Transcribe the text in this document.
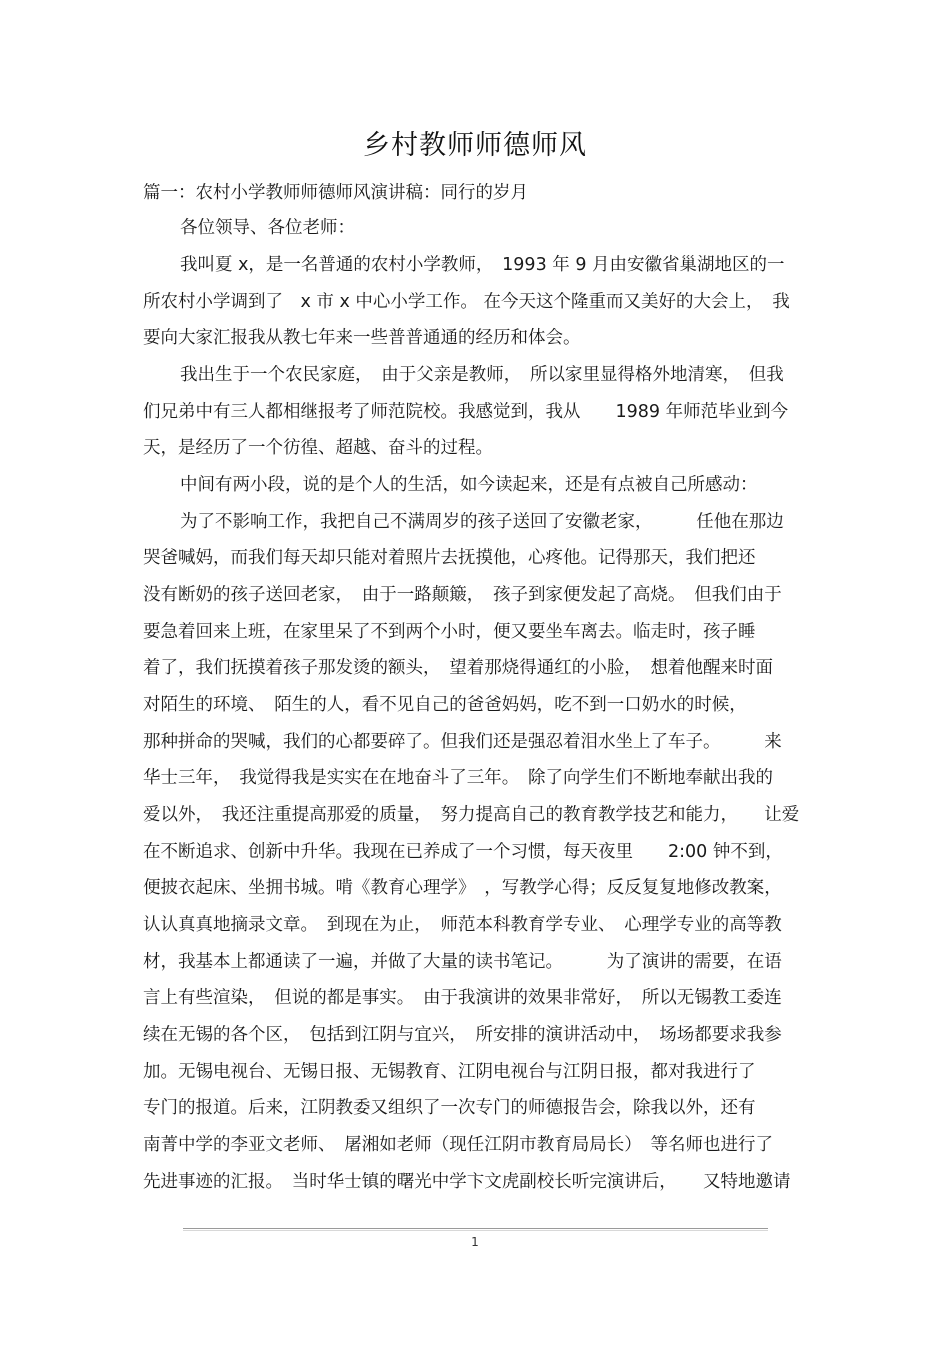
乡村教师师德师风
篇一：农村小学教师师德师风演讲稿：同行的岁月
各位领导、各位老师：
我叫夏 x，是一名普通的农村小学教师，　1993 年 9 月由安徽省巢湖地区的一
所农村小学调到了　x 市 x 中心小学工作。 在今天这个隆重而又美好的大会上，　我
要向大家汇报我从教七年来一些普普通通的经历和体会。
我出生于一个农民家庭，　由于父亲是教师，　所以家里显得格外地清寒，　但我
们兄弟中有三人都相继报考了师范院校。我感觉到，我从　　1989 年师范毕业到今
天，是经历了一个彷徨、超越、奋斗的过程。
中间有两小段，说的是个人的生活，如今读起来，还是有点被自己所感动：
为了不影响工作，我把自己不满周岁的孩子送回了安徽老家，　　　任他在那边
哭爸喊妈，而我们每天却只能对着照片去抚摸他，心疼他。记得那天，我们把还
没有断奶的孩子送回老家，　由于一路颠簸，　孩子到家便发起了高烧。　但我们由于
要急着回来上班，在家里呆了不到两个小时，便又要坐车离去。临走时，孩子睡
着了，我们抚摸着孩子那发烫的额头，　望着那烧得通红的小脸，　想着他醒来时面
对陌生的环境、　陌生的人，看不见自己的爸爸妈妈，吃不到一口奶水的时候，
那种拼命的哭喊，我们的心都要碎了。但我们还是强忍着泪水坐上了车子。　　　来
华士三年，　我觉得我是实实在在地奋斗了三年。　除了向学生们不断地奉献出我的
爱以外，　我还注重提高那爱的质量，　努力提高自己的教育教学技艺和能力，　　让爱
在不断追求、创新中升华。我现在已养成了一个习惯，每天夜里　　2:00 钟不到，
便披衣起床、坐拥书城。啃《教育心理学》　，写教学心得；反反复复地修改教案，
认认真真地摘录文章。　到现在为止，　师范本科教育学专业、　心理学专业的高等教
材，我基本上都通读了一遍，并做了大量的读书笔记。　　　为了演讲的需要，在语
言上有些渲染，　但说的都是事实。　由于我演讲的效果非常好，　所以无锡教工委连
续在无锡的各个区，　包括到江阴与宜兴，　所安排的演讲活动中，　场场都要求我参
加。无锡电视台、无锡日报、无锡教育、江阴电视台与江阴日报，都对我进行了
专门的报道。后来，江阴教委又组织了一次专门的师德报告会，除我以外，还有
南菁中学的李亚文老师、　屠湘如老师（现任江阴市教育局局长）　等名师也进行了
先进事迹的汇报。　当时华士镇的曙光中学卞文虎副校长听完演讲后，　　又特地邀请
1
